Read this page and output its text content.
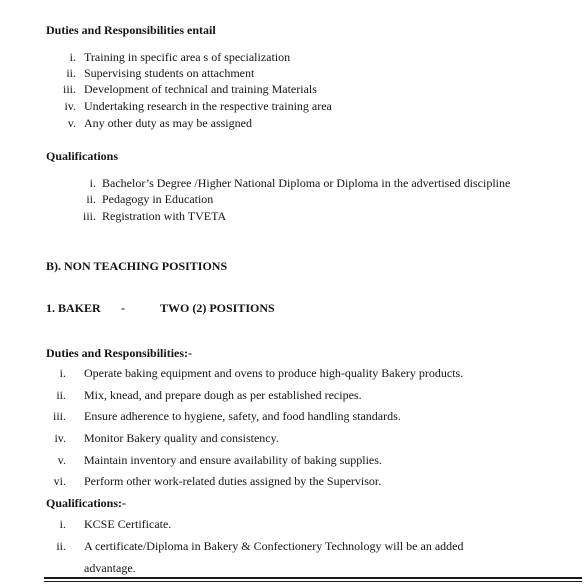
Duties and Responsibilities entail
i. Training in specific area s of specialization
ii. Supervising students on attachment
iii. Development of technical and training Materials
iv. Undertaking research in the respective training area
v. Any other duty as may be assigned
Qualifications
i. Bachelor’s Degree /Higher National Diploma or Diploma in the advertised discipline
ii. Pedagogy in Education
iii. Registration with TVETA
B). NON TEACHING POSITIONS
1. BAKER -	TWO (2) POSITIONS
Duties and Responsibilities:-
i. Operate baking equipment and ovens to produce high-quality Bakery products.
ii. Mix, knead, and prepare dough as per established recipes.
iii. Ensure adherence to hygiene, safety, and food handling standards.
iv. Monitor Bakery quality and consistency.
v. Maintain inventory and ensure availability of baking supplies.
vi. Perform other work-related duties assigned by the Supervisor.
Qualifications:-
i. KCSE Certificate.
ii. A certificate/Diploma in Bakery & Confectionery Technology will be an added
advantage.
